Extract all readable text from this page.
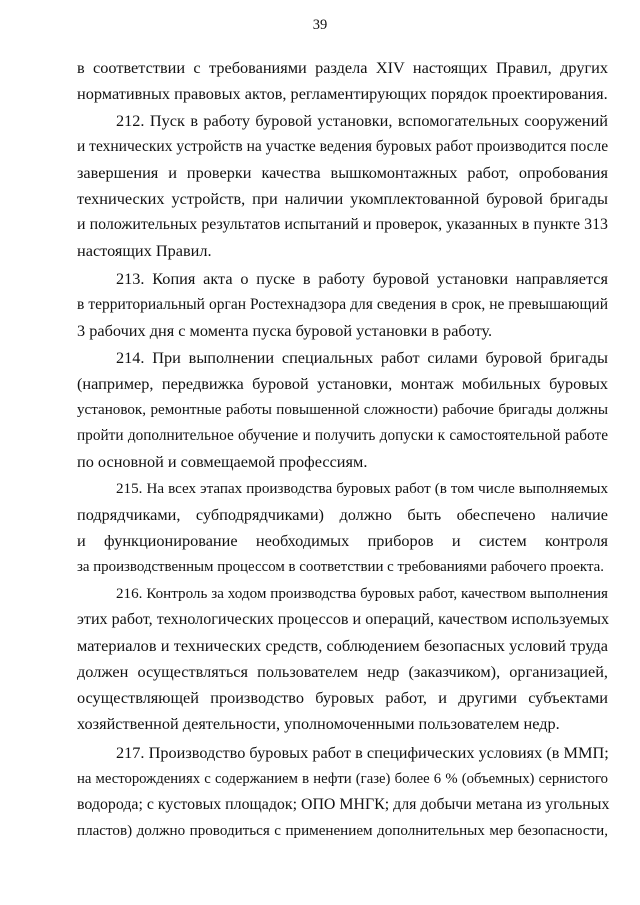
39
в соответствии с требованиями раздела XIV настоящих Правил, других
нормативных правовых актов, регламентирующих порядок проектирования.
212. Пуск в работу буровой установки, вспомогательных сооружений
и технических устройств на участке ведения буровых работ производится после
завершения и проверки качества вышкомонтажных работ, опробования
технических устройств, при наличии укомплектованной буровой бригады
и положительных результатов испытаний и проверок, указанных в пункте 313
настоящих Правил.
213. Копия акта о пуске в работу буровой установки направляется
в территориальный орган Ростехнадзора для сведения в срок, не превышающий
3 рабочих дня с момента пуска буровой установки в работу.
214. При выполнении специальных работ силами буровой бригады
(например, передвижка буровой установки, монтаж мобильных буровых
установок, ремонтные работы повышенной сложности) рабочие бригады должны
пройти дополнительное обучение и получить допуски к самостоятельной работе
по основной и совмещаемой профессиям.
215. На всех этапах производства буровых работ (в том числе выполняемых
подрядчиками, субподрядчиками) должно быть обеспечено наличие
и функционирование необходимых приборов и систем контроля
за производственным процессом в соответствии с требованиями рабочего проекта.
216. Контроль за ходом производства буровых работ, качеством выполнения
этих работ, технологических процессов и операций, качеством используемых
материалов и технических средств, соблюдением безопасных условий труда
должен осуществляться пользователем недр (заказчиком), организацией,
осуществляющей производство буровых работ, и другими субъектами
хозяйственной деятельности, уполномоченными пользователем недр.
217. Производство буровых работ в специфических условиях (в ММП;
на месторождениях с содержанием в нефти (газе) более 6 % (объемных) сернистого
водорода; с кустовых площадок; ОПО МНГК; для добычи метана из угольных
пластов) должно проводиться с применением дополнительных мер безопасности,
